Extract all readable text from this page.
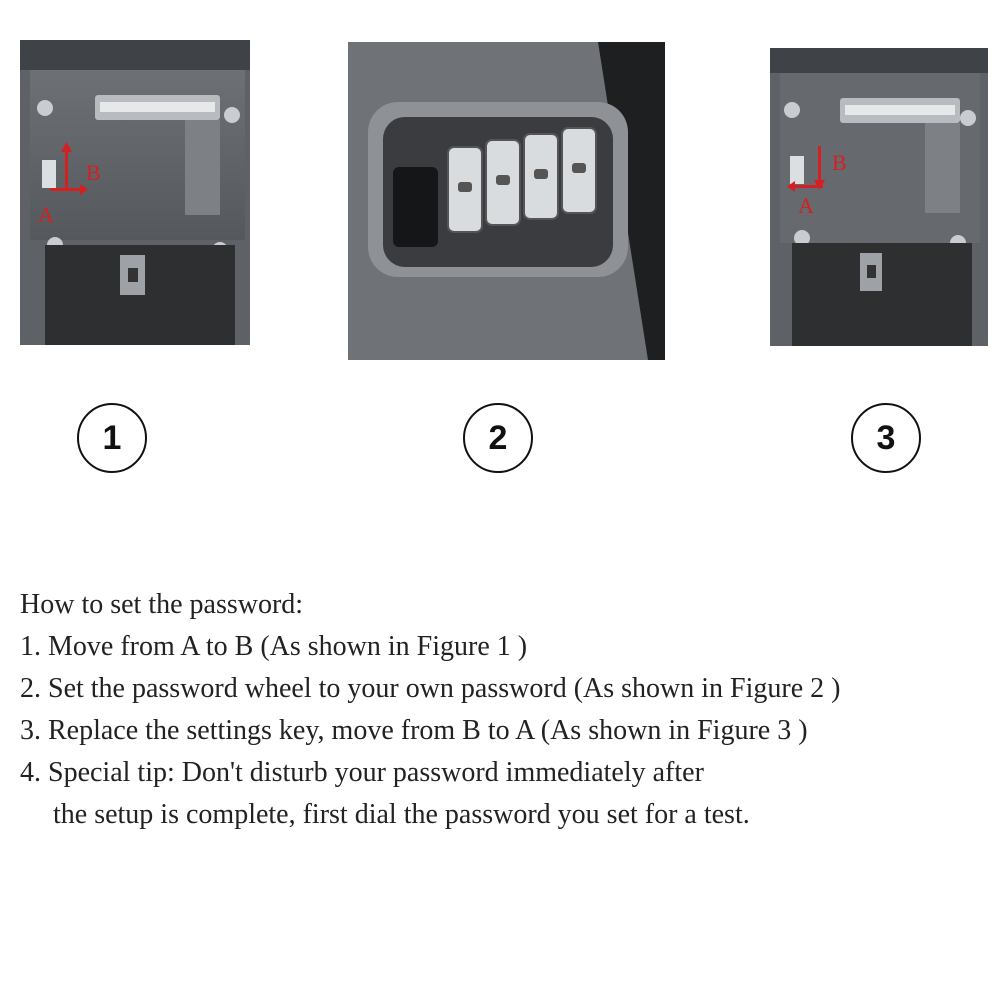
B
A
B
A
1	2	3
How to set the password:
1. Move from A to B (As shown in Figure 1 )
2. Set the password wheel to your own password (As shown in Figure 2 )
3. Replace the settings key, move from B to A (As shown in Figure 3 )
4. Special tip: Don't disturb your password immediately after
the setup is complete, first dial the password you set for a test.
